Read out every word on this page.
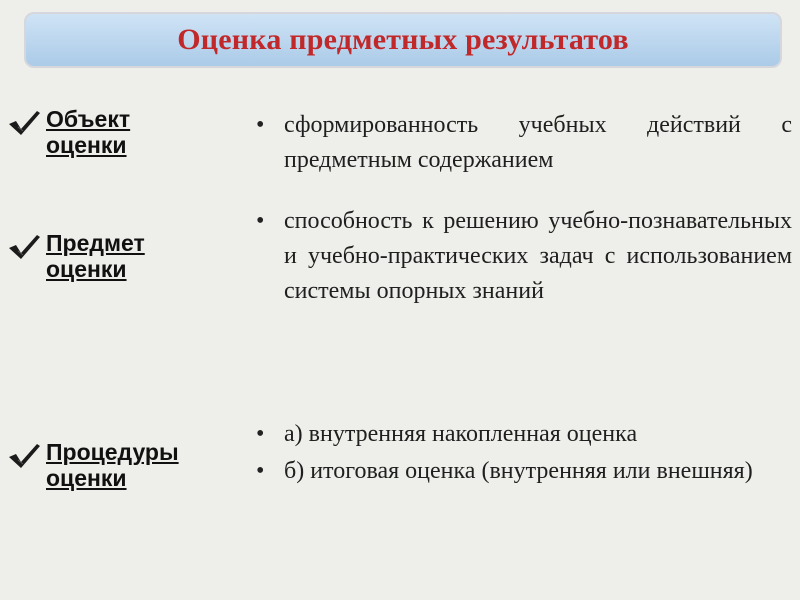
Оценка предметных результатов
Объект оценки
Предмет оценки
Процедуры оценки
• сформированность учебных действий с предметным содержанием
• способность к решению учебно-познавательных и учебно-практических задач с использованием системы опорных знаний
• а) внутренняя накопленная оценка
• б) итоговая оценка (внутренняя или внешняя)
